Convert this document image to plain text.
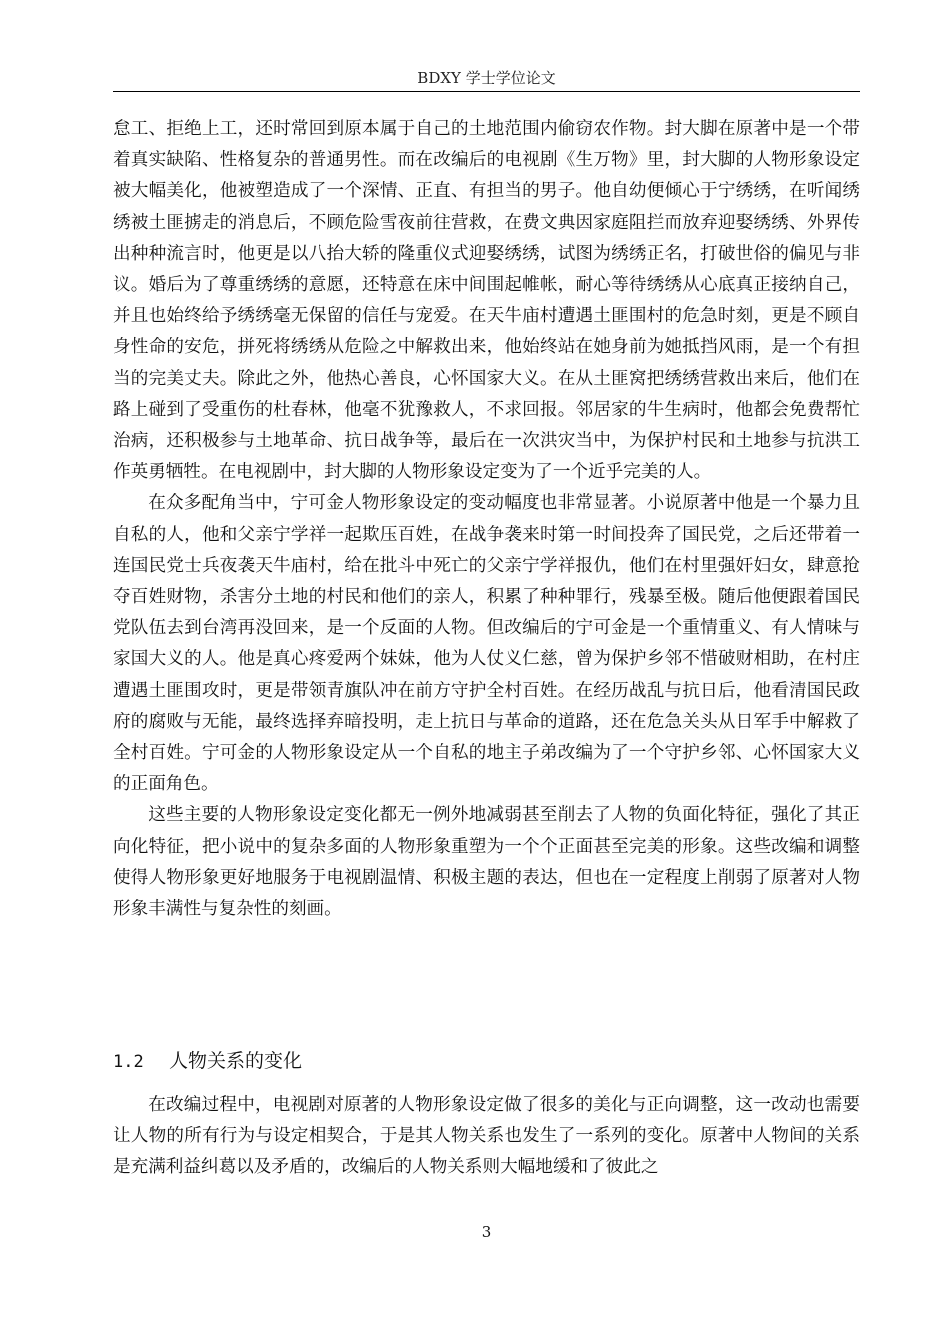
BDXY 学士学位论文

怠工、拒绝上工，还时常回到原本属于自己的土地范围内偷窃农作物。封大脚在原著中是一个带着真实缺陷、性格复杂的普通男性。而在改编后的电视剧《生万物》里，封大脚的人物形象设定被大幅美化，他被塑造成了一个深情、正直、有担当的男子。他自幼便倾心于宁绣绣，在听闻绣绣被土匪掳走的消息后，不顾危险雪夜前往营救，在费文典因家庭阻拦而放弃迎娶绣绣、外界传出种种流言时，他更是以八抬大轿的隆重仪式迎娶绣绣，试图为绣绣正名，打破世俗的偏见与非议。婚后为了尊重绣绣的意愿，还特意在床中间围起帷帐，耐心等待绣绣从心底真正接纳自己，并且也始终给予绣绣毫无保留的信任与宠爱。在天牛庙村遭遇土匪围村的危急时刻，更是不顾自身性命的安危，拼死将绣绣从危险之中解救出来，他始终站在她身前为她抵挡风雨，是一个有担当的完美丈夫。除此之外，他热心善良，心怀国家大义。在从土匪窝把绣绣营救出来后，他们在路上碰到了受重伤的杜春林，他毫不犹豫救人，不求回报。邻居家的牛生病时，他都会免费帮忙治病，还积极参与土地革命、抗日战争等，最后在一次洪灾当中，为保护村民和土地参与抗洪工作英勇牺牲。在电视剧中，封大脚的人物形象设定变为了一个近乎完美的人。

在众多配角当中，宁可金人物形象设定的变动幅度也非常显著。小说原著中他是一个暴力且自私的人，他和父亲宁学祥一起欺压百姓，在战争袭来时第一时间投奔了国民党，之后还带着一连国民党士兵夜袭天牛庙村，给在批斗中死亡的父亲宁学祥报仇，他们在村里强奸妇女，肆意抢夺百姓财物，杀害分土地的村民和他们的亲人，积累了种种罪行，残暴至极。随后他便跟着国民党队伍去到台湾再没回来，是一个反面的人物。但改编后的宁可金是一个重情重义、有人情味与家国大义的人。他是真心疼爱两个妹妹，他为人仗义仁慈，曾为保护乡邻不惜破财相助，在村庄遭遇土匪围攻时，更是带领青旗队冲在前方守护全村百姓。在经历战乱与抗日后，他看清国民政府的腐败与无能，最终选择弃暗投明，走上抗日与革命的道路，还在危急关头从日军手中解救了全村百姓。宁可金的人物形象设定从一个自私的地主子弟改编为了一个守护乡邻、心怀国家大义的正面角色。

这些主要的人物形象设定变化都无一例外地减弱甚至削去了人物的负面化特征，强化了其正向化特征，把小说中的复杂多面的人物形象重塑为一个个正面甚至完美的形象。这些改编和调整使得人物形象更好地服务于电视剧温情、积极主题的表达，但也在一定程度上削弱了原著对人物形象丰满性与复杂性的刻画。

1.2 人物关系的变化

在改编过程中，电视剧对原著的人物形象设定做了很多的美化与正向调整，这一改动也需要让人物的所有行为与设定相契合，于是其人物关系也发生了一系列的变化。原著中人物间的关系是充满利益纠葛以及矛盾的，改编后的人物关系则大幅地缓和了彼此之

3
